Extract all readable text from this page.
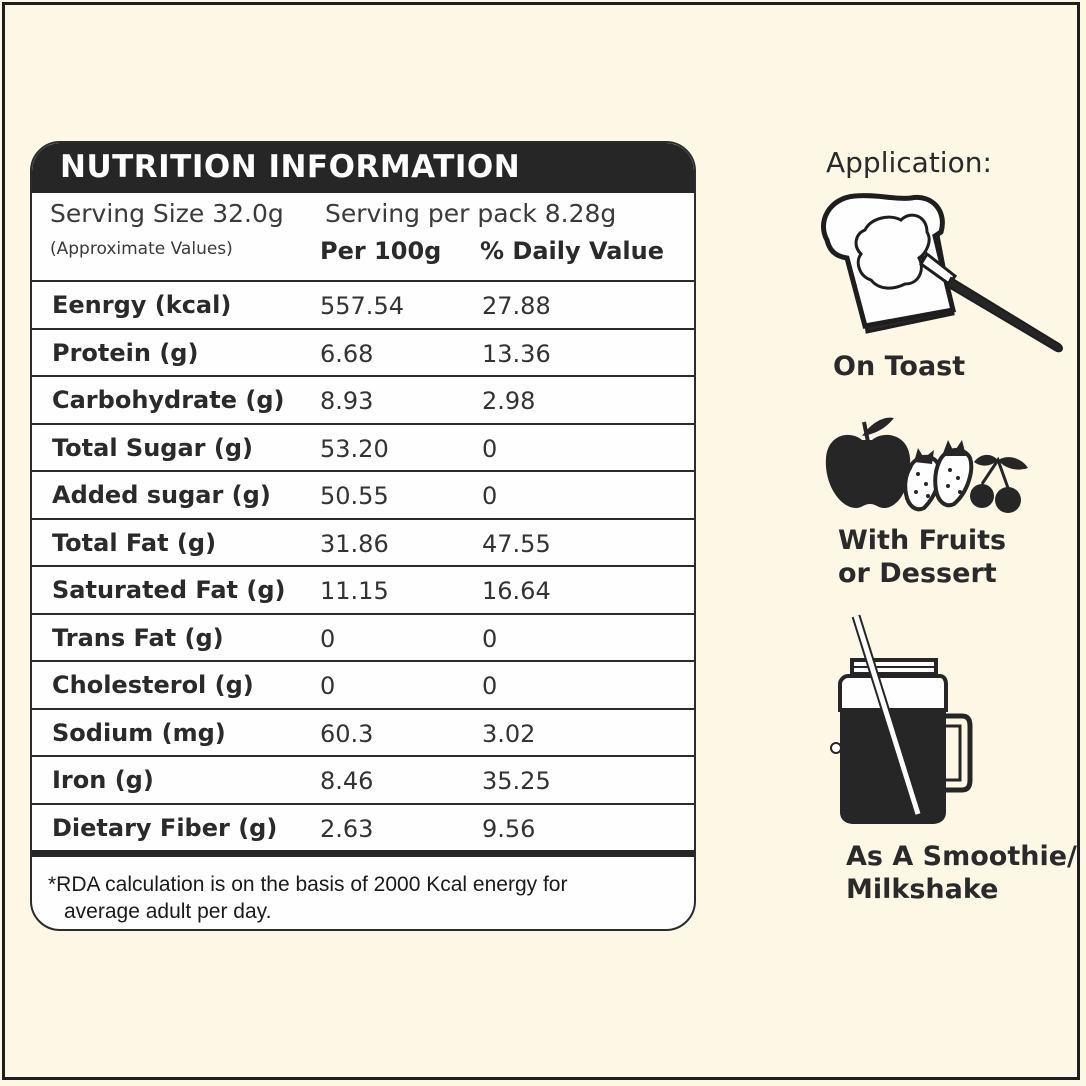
NUTRITION INFORMATION
Serving Size 32.0g Serving per pack 8.28g
(Approximate Values)	Per 100g % Daily Value
Eenrgy (kcal)	557.54	27.88
Protein (g)	6.68	13.36
Carbohydrate (g) 8.93	2.98
Total Sugar (g)	53.20	0
Added sugar (g) 50.55	0
Total Fat (g)	31.86	47.55
Saturated Fat (g) 11.15	16.64
Trans Fat (g)	0	0
Cholesterol (g)	0	0
Sodium (mg)	60.3	3.02
Iron (g)	8.46	35.25
Dietary Fiber (g) 2.63	9.56
*RDA calculation is on the basis of 2000 Kcal energy for
average adult per day.
Application:
On Toast
With Fruits
or Dessert
As A Smoothie/
Milkshake
